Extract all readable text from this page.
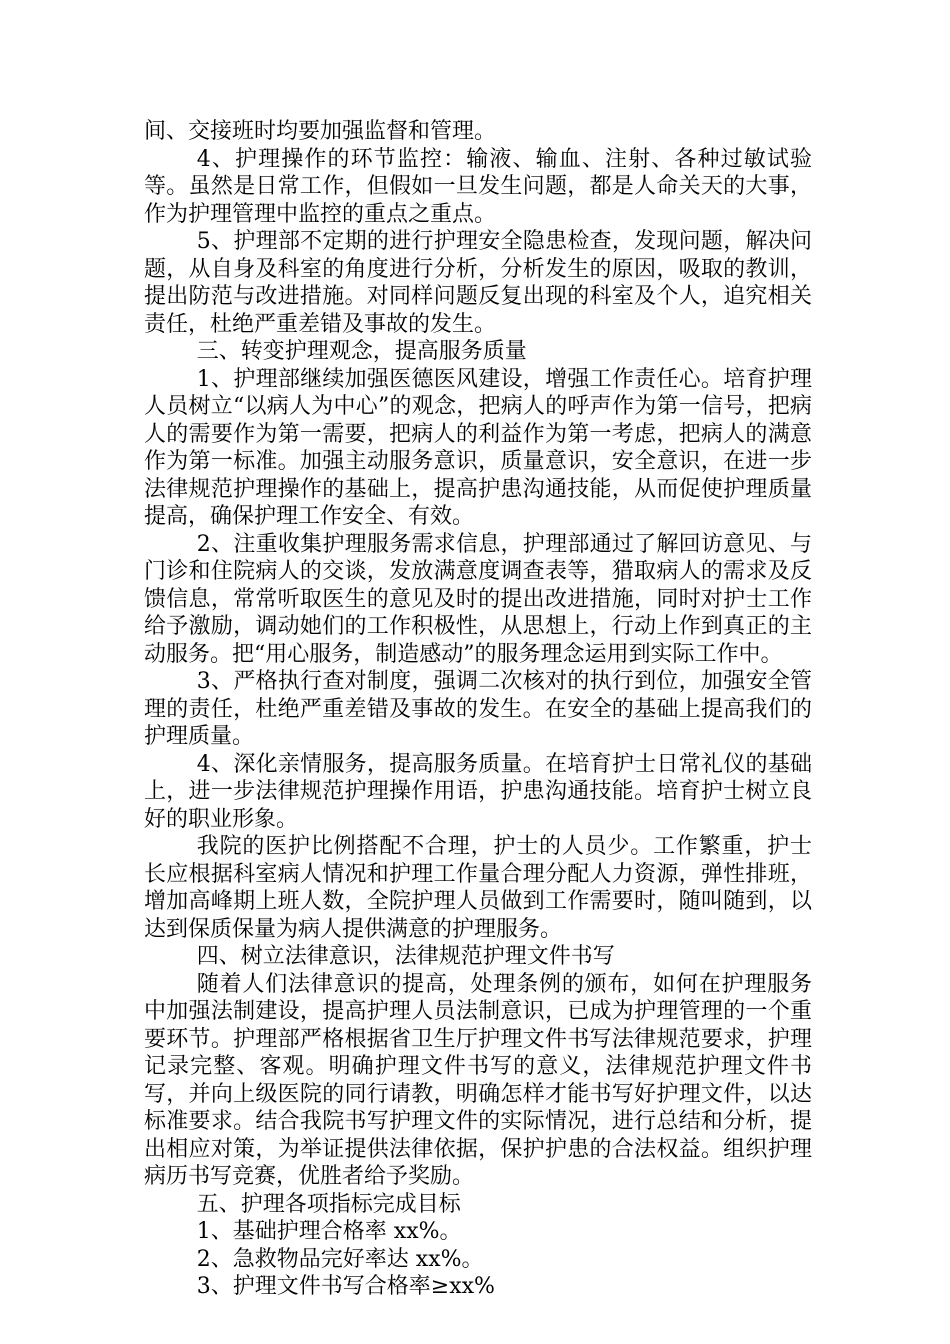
间、交接班时均要加强监督和管理。

4、护理操作的环节监控：输液、输血、注射、各种过敏试验等。虽然是日常工作，但假如一旦发生问题，都是人命关天的大事，作为护理管理中监控的重点之重点。

5、护理部不定期的进行护理安全隐患检查，发现问题，解决问题，从自身及科室的角度进行分析，分析发生的原因，吸取的教训，提出防范与改进措施。对同样问题反复出现的科室及个人，追究相关责任，杜绝严重差错及事故的发生。

三、转变护理观念，提高服务质量

1、护理部继续加强医德医风建设，增强工作责任心。培育护理人员树立“以病人为中心”的观念，把病人的呼声作为第一信号，把病人的需要作为第一需要，把病人的利益作为第一考虑，把病人的满意作为第一标准。加强主动服务意识，质量意识，安全意识，在进一步法律规范护理操作的基础上，提高护患沟通技能，从而促使护理质量提高，确保护理工作安全、有效。

2、注重收集护理服务需求信息，护理部通过了解回访意见、与门诊和住院病人的交谈，发放满意度调查表等，猎取病人的需求及反馈信息，常常听取医生的意见及时的提出改进措施，同时对护士工作给予激励，调动她们的工作积极性，从思想上，行动上作到真正的主动服务。把“用心服务，制造感动”的服务理念运用到实际工作中。

3、严格执行查对制度，强调二次核对的执行到位，加强安全管理的责任，杜绝严重差错及事故的发生。在安全的基础上提高我们的护理质量。

4、深化亲情服务，提高服务质量。在培育护士日常礼仪的基础上，进一步法律规范护理操作用语，护患沟通技能。培育护士树立良好的职业形象。

我院的医护比例搭配不合理，护士的人员少。工作繁重，护士长应根据科室病人情况和护理工作量合理分配人力资源，弹性排班，增加高峰期上班人数，全院护理人员做到工作需要时，随叫随到，以达到保质保量为病人提供满意的护理服务。

四、树立法律意识，法律规范护理文件书写

随着人们法律意识的提高，处理条例的颁布，如何在护理服务中加强法制建设，提高护理人员法制意识，已成为护理管理的一个重要环节。护理部严格根据省卫生厅护理文件书写法律规范要求，护理记录完整、客观。明确护理文件书写的意义，法律规范护理文件书写，并向上级医院的同行请教，明确怎样才能书写好护理文件，以达标准要求。结合我院书写护理文件的实际情况，进行总结和分析，提出相应对策，为举证提供法律依据，保护护患的合法权益。组织护理病历书写竞赛，优胜者给予奖励。

五、护理各项指标完成目标

1、基础护理合格率 xx%。

2、急救物品完好率达 xx%。

3、护理文件书写合格率≥xx%
